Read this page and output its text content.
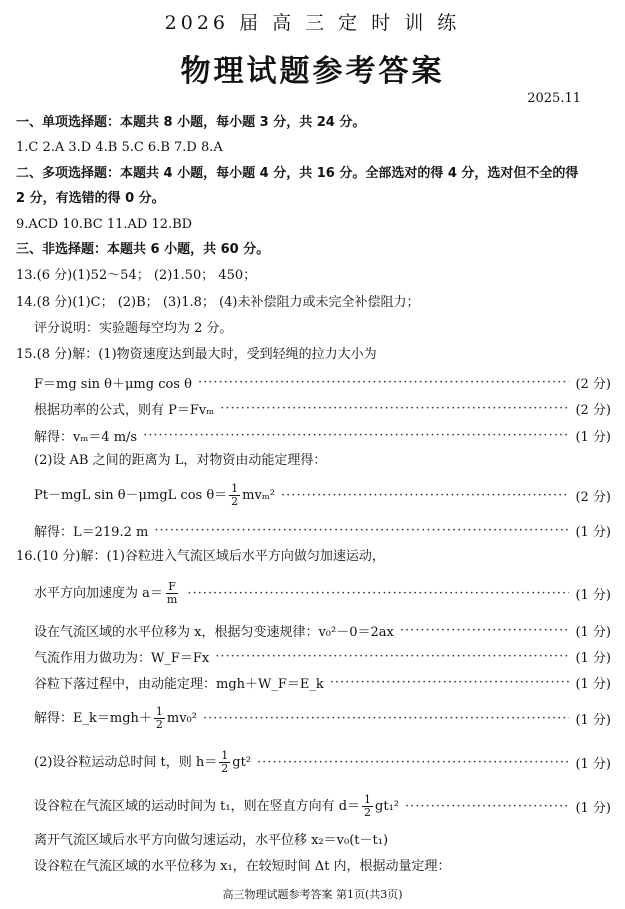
2026 届 高 三 定 时 训 练
物理试题参考答案
2025.11
一、单项选择题：本题共 8 小题，每小题 3 分，共 24 分。
1.C 2.A 3.D 4.B 5.C 6.B 7.D 8.A
二、多项选择题：本题共 4 小题，每小题 4 分，共 16 分。全部选对的得 4 分，选对但不全的得
2 分，有选错的得 0 分。
9.ACD 10.BC 11.AD 12.BD
三、非选择题：本题共 6 小题，共 60 分。
13.(6 分)(1)52～54； (2)1.50； 450；
14.(8 分)(1)C； (2)B； (3)1.8； (4)未补偿阻力或未完全补偿阻力；
评分说明：实验题每空均为 2 分。
15.(8 分)解：(1)物资速度达到最大时，受到轻绳的拉力大小为
F＝mg sin θ＋μmg cos θ ·····	(2 分)
根据功率的公式，则有 P＝Fvₘ ·····	(2 分)
解得：vₘ＝4 m/s ·····	(1 分)
(2)设 AB 之间的距离为 L，对物资由动能定理得：
Pt－mgL sin θ－μmgL $\cos \theta= \frac{1}{2} mv_m^2$ ·····	(2 分)
解得：L＝219.2 m ·····	(1 分)
16.(10 分)解：(1)谷粒进入气流区域后水平方向做匀加速运动，
水平方向加速度为 $a= \frac{F}{m}$ ·····	(1 分)
设在气流区域的水平位移为 x，根据匀变速规律：v₀²－0＝2ax ·····	(1 分)
气流作用力做功为：W_F＝Fx ·····	(1 分)
谷粒下落过程中，由动能定理：mgh＋W_F＝E_k ·····	(1 分)
解得：E_k＝mgh＋ $\frac{1}{2} mv_0^2$ ·····	(1 分)
(2)设谷粒运动总时间 t，则 $h= \frac{1}{2} gt^2$ ·····	(1 分)
设谷粒在气流区域的运动时间为 t₁，则在竖直方向有 $d= \frac{1}{2} gt_1^2$ ·····	(1 分)
离开气流区域后水平方向做匀速运动，水平位移 x₂＝v₀(t－t₁)
设谷粒在气流区域的水平位移为 x₁，在较短时间 Δt 内，根据动量定理：
高三物理试题参考答案 第1页(共3页)
